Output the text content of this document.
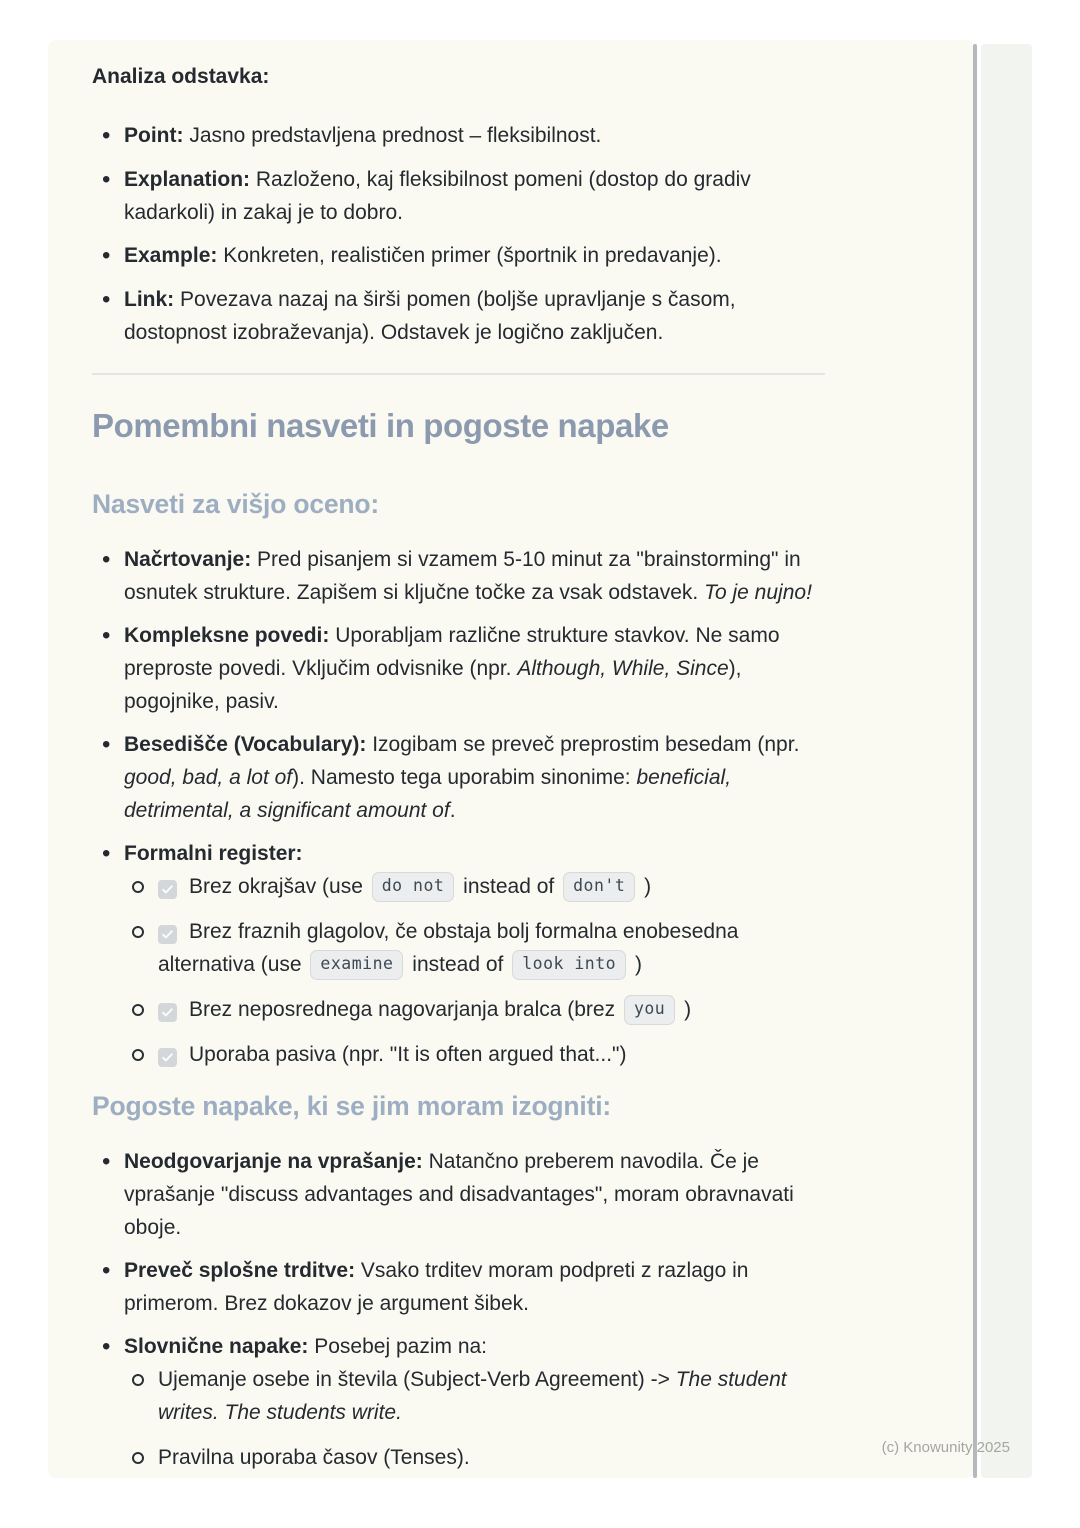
Analiza odstavka:
•
Point: Jasno predstavljena prednost – fleksibilnost.
•
Explanation: Razloženo, kaj fleksibilnost pomeni (dostop do gradiv kadarkoli) in zakaj je to dobro.
•
Example: Konkreten, realističen primer (športnik in predavanje).
•
Link: Povezava nazaj na širši pomen (boljše upravljanje s časom, dostopnost izobraževanja). Odstavek je logično zaključen.
Pomembni nasveti in pogoste napake
Nasveti za višjo oceno:
•
Načrtovanje: Pred pisanjem si vzamem 5-10 minut za "brainstorming" in osnutek strukture. Zapišem si ključne točke za vsak odstavek. To je nujno!
•
Kompleksne povedi: Uporabljam različne strukture stavkov. Ne samo preproste povedi. Vključim odvisnike (npr. Although, While, Since), pogojnike, pasiv.
•
Besedišče (Vocabulary): Izogibam se preveč preprostim besedam (npr. good, bad, a lot of). Namesto tega uporabim sinonime: beneficial, detrimental, a significant amount of.
•
Formalni register:
Brez okrajšav (use do not instead of don't )
Brez fraznih glagolov, če obstaja bolj formalna enobesedna alternativa (use examine instead of look into )
Brez neposrednega nagovarjanja bralca (brez you )
Uporaba pasiva (npr. "It is often argued that...")
Pogoste napake, ki se jim moram izogniti:
•
Neodgovarjanje na vprašanje: Natančno preberem navodila. Če je vprašanje "discuss advantages and disadvantages", moram obravnavati oboje.
•
Preveč splošne trditve: Vsako trditev moram podpreti z razlago in primerom. Brez dokazov je argument šibek.
•
Slovnične napake: Posebej pazim na:
Ujemanje osebe in števila (Subject-Verb Agreement) -> The student writes. The students write.
Pravilna uporaba časov (Tenses).	(c) Knowunity 2025
